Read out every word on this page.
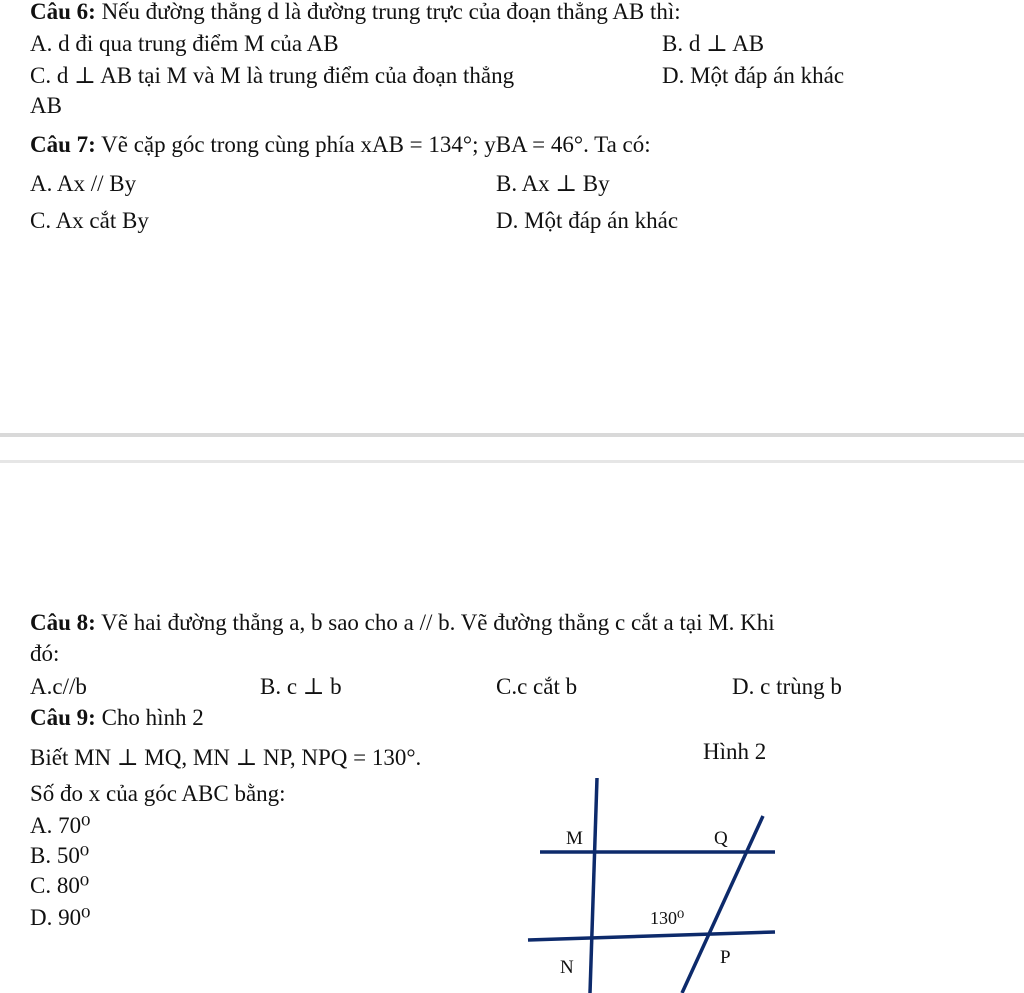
Câu 6: Nếu đường thẳng d là đường trung trực của đoạn thẳng AB thì:
A. d đi qua trung điểm M của AB	B. d ⊥ AB
C. d ⊥ AB tại M và M là trung điểm của đoạn thẳng	D. Một đáp án khác
AB
Câu 7: Vẽ cặp góc trong cùng phía xAB = 134°; yBA = 46°. Ta có:
A. Ax // By	B. Ax ⊥ By
C. Ax cắt By	D. Một đáp án khác
Câu 8: Vẽ hai đường thẳng a, b sao cho a // b. Vẽ đường thẳng c cắt a tại M. Khi
đó:
A.c//b	B. c ⊥ b	C.c cắt b	D. c trùng b
Câu 9: Cho hình 2
Biết MN ⊥ MQ, MN ⊥ NP, NPQ = 130°.	Hình 2
Số đo x của góc ABC bằng:
A. 70⁰
B. 50⁰
C. 80⁰
D. 90⁰
M	Q
N	P
130⁰
